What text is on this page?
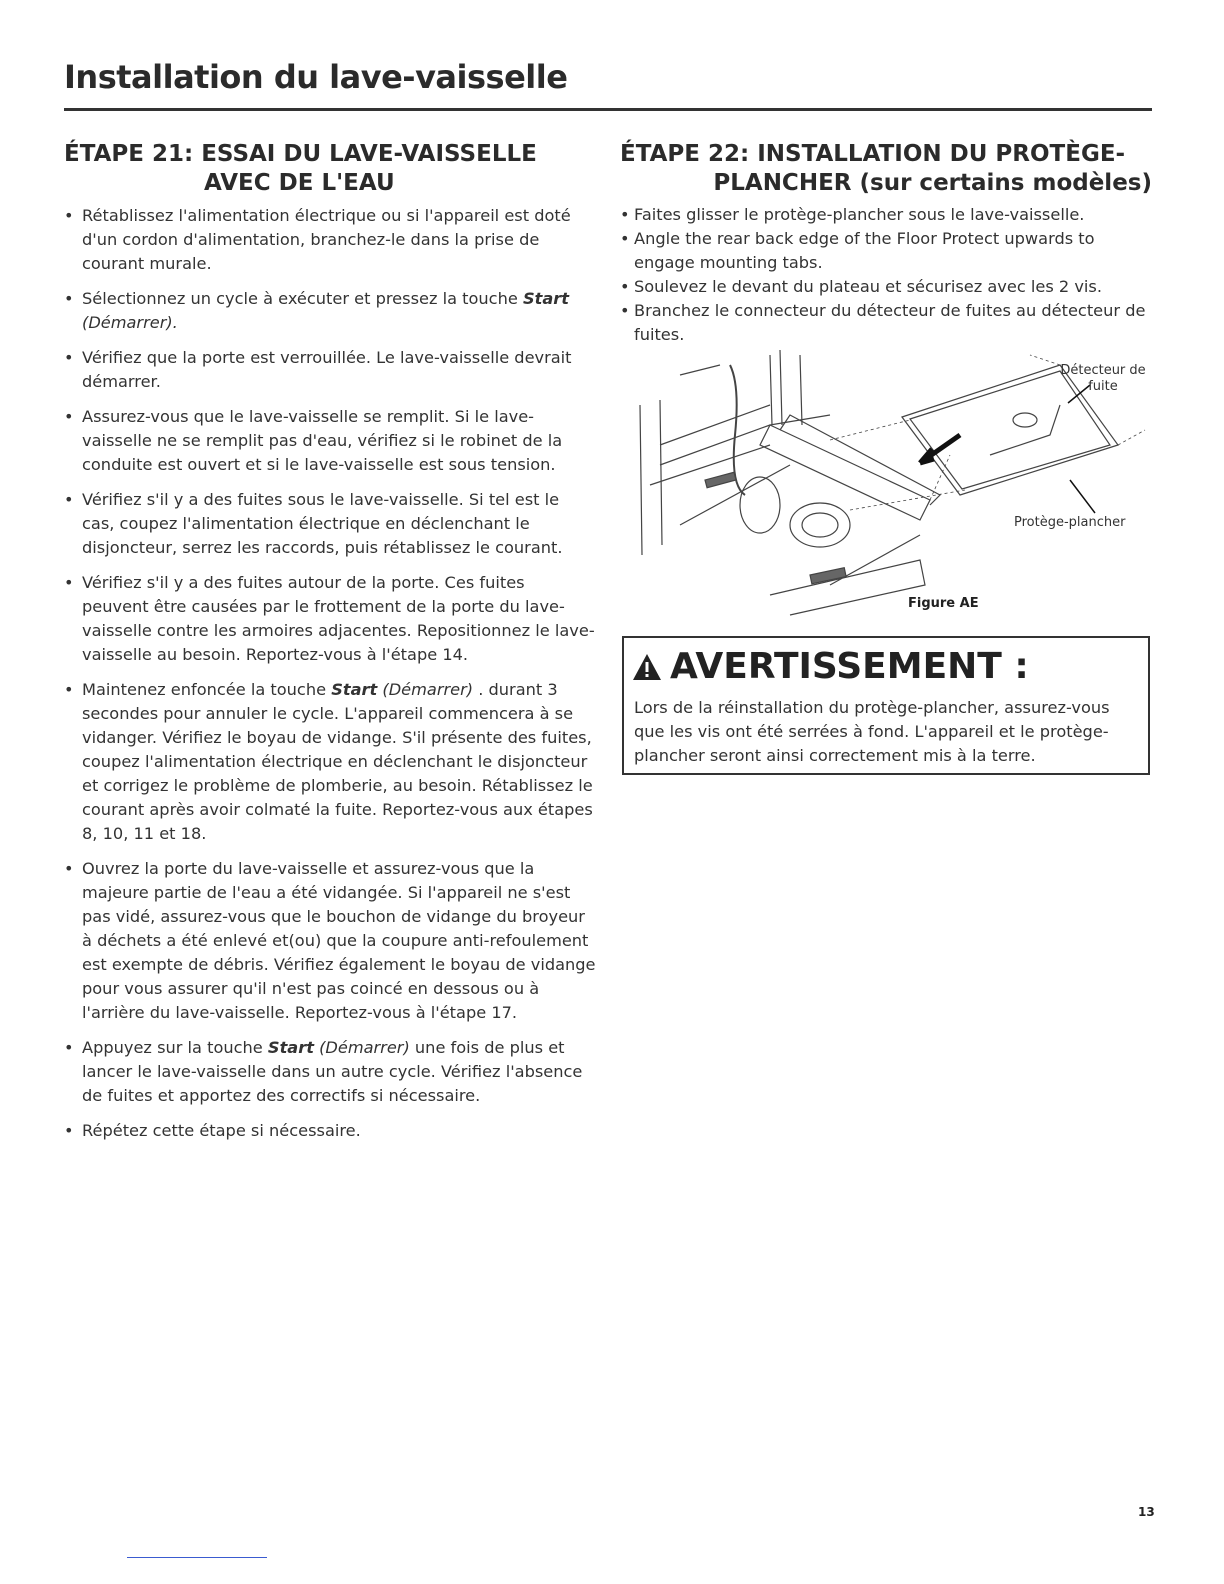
Installation du lave-vaisselle
ÉTAPE 21: ESSAI DU LAVE-VAISSELLE
AVEC DE L'EAU
• Rétablissez l'alimentation électrique ou si l'appareil est doté d'un cordon d'alimentation, branchez-le dans la prise de courant murale.
• Sélectionnez un cycle à exécuter et pressez la touche Start
(Démarrer).
• Vérifiez que la porte est verrouillée. Le lave-vaisselle devrait démarrer.
• Assurez-vous que le lave-vaisselle se remplit. Si le lave-vaisselle ne se remplit pas d'eau, vérifiez si le robinet de la conduite est ouvert et si le lave-vaisselle est sous tension.
• Vérifiez s'il y a des fuites sous le lave-vaisselle. Si tel est le cas, coupez l'alimentation électrique en déclenchant le disjoncteur, serrez les raccords, puis rétablissez le courant.
• Vérifiez s'il y a des fuites autour de la porte. Ces fuites peuvent être causées par le frottement de la porte du lave-vaisselle contre les armoires adjacentes. Repositionnez le lave-vaisselle au besoin. Reportez-vous à l'étape 14.
• Maintenez enfoncée la touche Start (Démarrer) . durant 3 secondes pour annuler le cycle. L'appareil commencera à se vidanger. Vérifiez le boyau de vidange. S'il présente des fuites, coupez l'alimentation électrique en déclenchant le disjoncteur et corrigez le problème de plomberie, au besoin. Rétablissez le courant après avoir colmaté la fuite. Reportez-vous aux étapes 8, 10, 11 et 18.
• Ouvrez la porte du lave-vaisselle et assurez-vous que la majeure partie de l'eau a été vidangée. Si l'appareil ne s'est pas vidé, assurez-vous que le bouchon de vidange du broyeur à déchets a été enlevé et(ou) que la coupure anti-refoulement est exempte de débris. Vérifiez également le boyau de vidange pour vous assurer qu'il n'est pas coincé en dessous ou à l'arrière du lave-vaisselle. Reportez-vous à l'étape 17.
• Appuyez sur la touche Start (Démarrer) une fois de plus et lancer le lave-vaisselle dans un autre cycle. Vérifiez l'absence de fuites et apportez des correctifs si nécessaire.
• Répétez cette étape si nécessaire.
ÉTAPE 22: INSTALLATION DU PROTÈGE-
PLANCHER (sur certains modèles)
• Faites glisser le protège-plancher sous le lave-vaisselle.
• Angle the rear back edge of the Floor Protect upwards to engage mounting tabs.
• Soulevez le devant du plateau et sécurisez avec les 2 vis.
• Branchez le connecteur du détecteur de fuites au détecteur de fuites.
Détecteur de
fuite
Protège-plancher
Figure AE
AVERTISSEMENT :
Lors de la réinstallation du protège-plancher, assurez-vous que les vis ont été serrées à fond. L'appareil et le protège-plancher seront ainsi correctement mis à la terre.
13
